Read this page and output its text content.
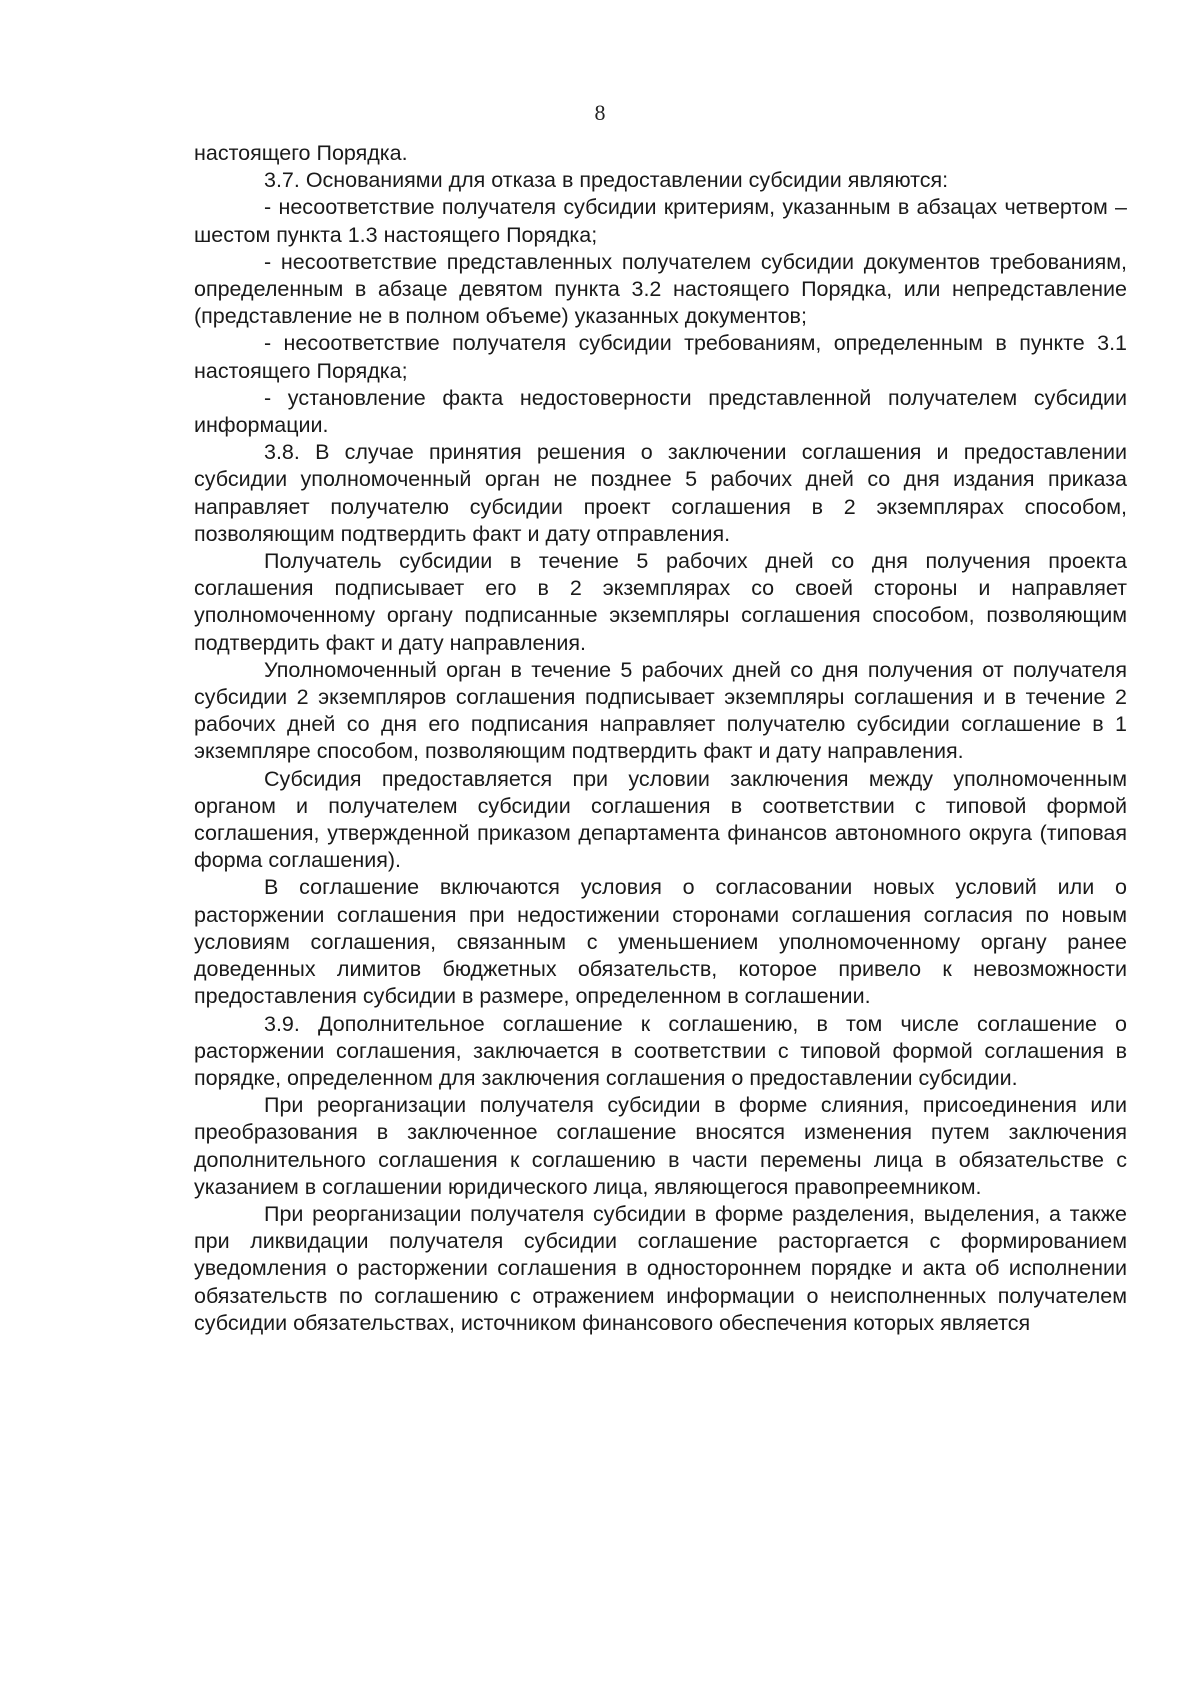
8

настоящего Порядка.

3.7. Основаниями для отказа в предоставлении субсидии являются:

- несоответствие получателя субсидии критериям, указанным в абзацах четвертом – шестом пункта 1.3 настоящего Порядка;

- несоответствие представленных получателем субсидии документов требованиям, определенным в абзаце девятом пункта 3.2 настоящего Порядка, или непредставление (представление не в полном объеме) указанных документов;

- несоответствие получателя субсидии требованиям, определенным в пункте 3.1 настоящего Порядка;

- установление факта недостоверности представленной получателем субсидии информации.

3.8. В случае принятия решения о заключении соглашения и предоставлении субсидии уполномоченный орган не позднее 5 рабочих дней со дня издания приказа направляет получателю субсидии проект соглашения в 2 экземплярах способом, позволяющим подтвердить факт и дату отправления.

Получатель субсидии в течение 5 рабочих дней со дня получения проекта соглашения подписывает его в 2 экземплярах со своей стороны и направляет уполномоченному органу подписанные экземпляры соглашения способом, позволяющим подтвердить факт и дату направления.

Уполномоченный орган в течение 5 рабочих дней со дня получения от получателя субсидии 2 экземпляров соглашения подписывает экземпляры соглашения и в течение 2 рабочих дней со дня его подписания направляет получателю субсидии соглашение в 1 экземпляре способом, позволяющим подтвердить факт и дату направления.

Субсидия предоставляется при условии заключения между уполномоченным органом и получателем субсидии соглашения в соответствии с типовой формой соглашения, утвержденной приказом департамента финансов автономного округа (типовая форма соглашения).

В соглашение включаются условия о согласовании новых условий или о расторжении соглашения при недостижении сторонами соглашения согласия по новым условиям соглашения, связанным с уменьшением уполномоченному органу ранее доведенных лимитов бюджетных обязательств, которое привело к невозможности предоставления субсидии в размере, определенном в соглашении.

3.9. Дополнительное соглашение к соглашению, в том числе соглашение о расторжении соглашения, заключается в соответствии с типовой формой соглашения в порядке, определенном для заключения соглашения о предоставлении субсидии.

При реорганизации получателя субсидии в форме слияния, присоединения или преобразования в заключенное соглашение вносятся изменения путем заключения дополнительного соглашения к соглашению в части перемены лица в обязательстве с указанием в соглашении юридического лица, являющегося правопреемником.

При реорганизации получателя субсидии в форме разделения, выделения, а также при ликвидации получателя субсидии соглашение расторгается с формированием уведомления о расторжении соглашения в одностороннем порядке и акта об исполнении обязательств по соглашению с отражением информации о неисполненных получателем субсидии обязательствах, источником финансового обеспечения которых является
